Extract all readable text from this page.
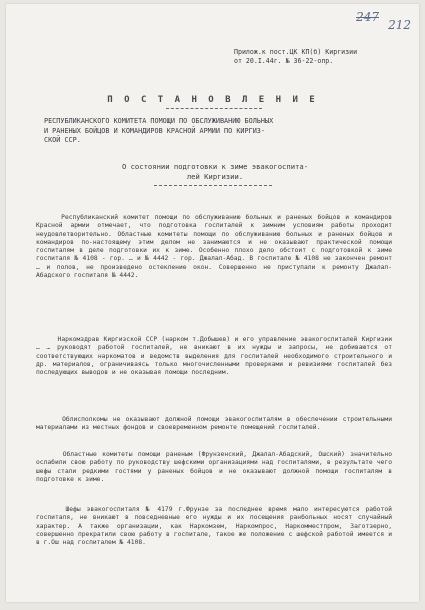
247
212
Прилож.к пост.ЦК КП(б) Киргизии
от 20.I.44г. № 36-22-опр.
П О С Т А Н О В Л Е Н И Е
РЕСПУБЛИКАНСКОГО КОМИТЕТА ПОМОЩИ ПО ОБСЛУЖИВАНИЮ БОЛЬНЫХ
И РАНЕНЫХ БОЙЦОВ И КОМАНДИРОВ КРАСНОЙ АРМИИ ПО КИРГИЗ-
СКОЙ ССР.
О состоянии подготовки к зиме эвакогоспита-
лей Киргизии.
Республиканский комитет помощи по обслуживанию больных и раненых бойцов и командиров Красной армии отмечает, что подготовка госпиталей к зимним условиям работы проходит неудовлетворительно. Областные комитеты помощи по обслуживанию больных и раненых бойцов и командиров по-настоящему этим делом не занимаются и не оказывают практической помощи госпиталям в деле подготовки их к зиме. Особенно плохо дело обстоит с подготовкой к зиме госпиталя № 4108 - гор. … и № 4442 - гор. Джалал-Абад. В госпитале № 4108 не закончен ремонт … и полов, не произведено остекление окон. Совершенно не приступали к ремонту Джалал-Абадского госпиталя № 4442.
Наркомздрав Киргизской ССР (нарком т.Добышев) и его управление эвакогоспиталей Киргизии … … руководят работой госпиталей, не вникают в их нужды и запросы, не добиваются от соответствующих наркоматов и ведомств выделения для госпиталей необходимого строительного и др. материалов, ограничиваясь только многочисленными проверками и ревизиями госпиталей без последующих выводов и не оказывая помощи последним.
Облисполкомы не оказывают должной помощи эвакогоспиталям в обеспечении строительными материалами из местных фондов и своевременном ремонте помещений госпиталей.
Областные комитеты помощи раненым (Фрунзенский, Джалал-Абадский, Ошский) значительно ослабили свою работу по руководству шефскими организациями над госпиталями, в результате чего шефы стали редкими гостями у раненых бойцов и не оказывают должной помощи госпиталям в подготовке к зиме.
Шефы эвакогоспиталя № 4179 г.Фрунзе за последнее время мало интересуются работой госпиталя, не вникают в повседневные его нужды и их посещения ранбольных носят случайный характер. А также организации, как Наркомзем, Наркомпрос, Наркомместпром, Заготзерно, совершенно прекратили свою работу в госпитале, такое же положение с шефской работой имеется и в г.Ош над госпиталем № 4108.
